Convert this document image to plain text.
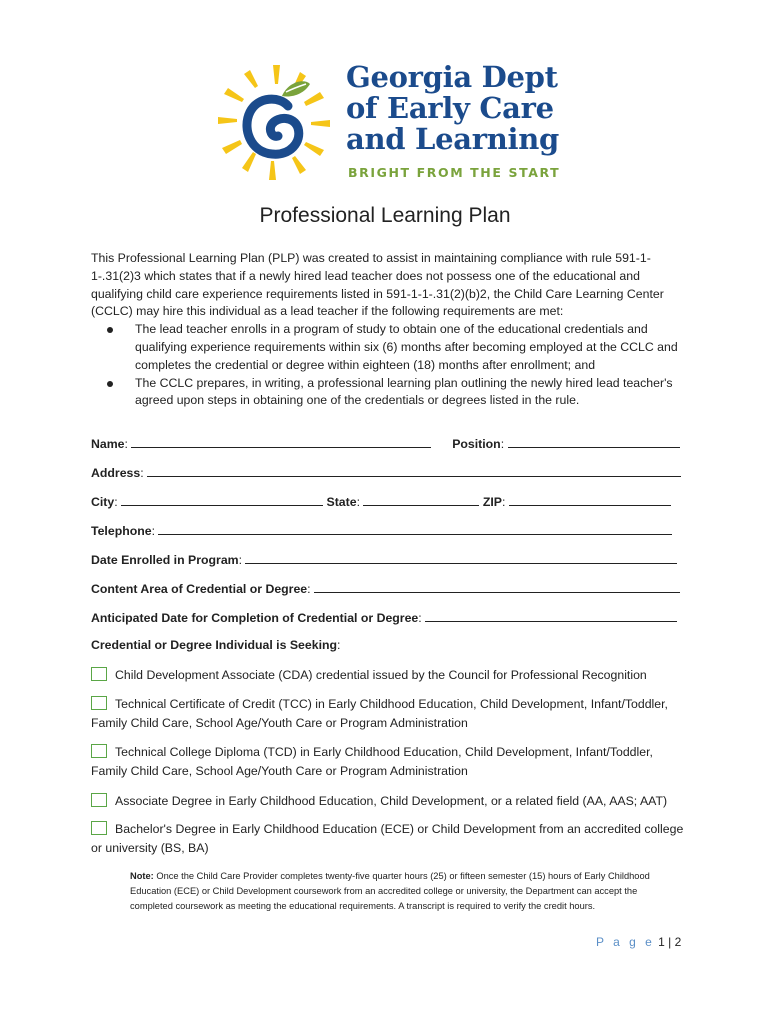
Georgia Dept
of Early Care
and Learning
BRIGHT FROM THE START
Professional Learning Plan

This Professional Learning Plan (PLP) was created to assist in maintaining compliance with rule 591-1-1-.31(2)3 which states that if a newly hired lead teacher does not possess one of the educational and qualifying child care experience requirements listed in 591-1-1-.31(2)(b)2, the Child Care Learning Center (CCLC) may hire this individual as a lead teacher if the following requirements are met:

The lead teacher enrolls in a program of study to obtain one of the educational credentials and qualifying experience requirements within six (6) months after becoming employed at the CCLC and completes the credential or degree within eighteen (18) months after enrollment; and
The CCLC prepares, in writing, a professional learning plan outlining the newly hired lead teacher's agreed upon steps in obtaining one of the credentials or degrees listed in the rule.
Name:	Position:
Address:
City:	State:	ZIP:
Telephone:
Date Enrolled in Program:
Content Area of Credential or Degree:
Anticipated Date for Completion of Credential or Degree:
Credential or Degree Individual is Seeking:
Child Development Associate (CDA) credential issued by the Council for Professional Recognition
Technical Certificate of Credit (TCC) in Early Childhood Education, Child Development, Infant/Toddler, Family Child Care, School Age/Youth Care or Program Administration
Technical College Diploma (TCD) in Early Childhood Education, Child Development, Infant/Toddler, Family Child Care, School Age/Youth Care or Program Administration
Associate Degree in Early Childhood Education, Child Development, or a related field (AA, AAS; AAT)
Bachelor's Degree in Early Childhood Education (ECE) or Child Development from an accredited college or university (BS, BA)
Note: Once the Child Care Provider completes twenty-five quarter hours (25) or fifteen semester (15) hours of Early Childhood Education (ECE) or Child Development coursework from an accredited college or university, the Department can accept the completed coursework as meeting the educational requirements. A transcript is required to verify the credit hours.
P a g e 1 | 2
